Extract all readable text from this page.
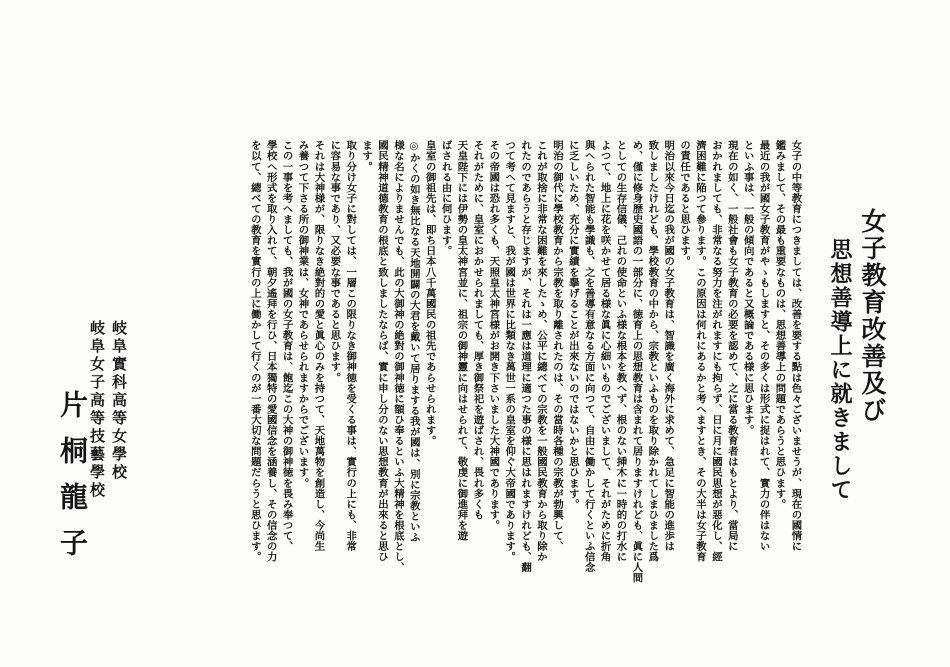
女子教育改善及び
思想善導上に就きまして
女子の中等教育につきましては、改善を要する點は色々ございませうが、現在の國情に
鑑みまして、その最も重要なものは、思想善導上の問題であらうと思ひます。
最近の我が國女子教育がやゝもしますと、その多くは形式に捉はれて、實力の伴はない
といふ事は、一般の傾向であると又概論である様に思ひます。
現在の如く、一般社會も女子教育の必要を認めて、之に當る教育者はもとより、當局に
おかれましても、非常なる努力を注がれますにも拘らず、日に月に國民思想が惡化し、經
濟困難に陥つて參ります。この原因は何れにあるかと考へますとき、その大半は女子教育
の責任であると思ひます。
明治以來今日迄の我が國の女子教育は、智識を廣く海外に求めて、急足に智能の進歩は
致しましたけれども、學校教育の中から、宗教といふものを取り除かれてしまひました爲
め、僅に修身歴史國語の一部分に、徳育上の思想教育は含まれて居りますけれども、眞に人間
としての生存信儀、己れの使命といふ様な根本を教へず、根のない挿木に一時的の打水に
よつて、地上に花を咲かせて居る様な眞に心細いものでございまして、それがために折角
與へられた智能も學識も、之を善導有意なる方面に向つて、自由に働かして行くといふ信念
に乏しいため、充分に實績を擧げることが出來ないのではないかと思ひます。
明治の御代に學校教育から宗教を取り離されたのは、その當時各種の宗教が勃興して、
これが取捨に非常な困難を來したゝめ、公平に總べての宗教を一般國民教育から取り除か
れたのであらうと存じますが、それは一應は道理に適つた事の様に思はれますけれども、翻
つて考へて見ますと、我が國は世界に比類なき萬世一系の皇室を仰ぐ大帝國であります。
その帝國は恐れ多くも、天照皇太神宮様がお開き下さいました大神國であります。
それがために、皇室におかせられましても、厚き御祭祀を遊ばされ、畏れ多くも
天皇陛下には伊勢の皇太神宮並に、祖宗の御神靈に向はせられて、敬虔に御進拜を遊
ばされる由に伺ひます。
皇室の御祖先は、即ち日本八千萬國民の祖先であらせられます。
◎かくの如き無比なる天地開闢の大君を戴いて居りまする我が國は、別に宗教といふ
様な名によりませんでも、此の大御神の絶對の御神徳に額ひ奉るといふ大精神を根底とし、
國民精神道德教育の根底と致しましたならば、實に申し分のない思想教育が出來ると思ひ
ます。
取り分け女子に對しては、一層この限りなき御神徳を受くる事は、實行の上にも、非常
に容易な事であり、又必要な事であると思ひます。
それは大神様が、限りなき絶對的の愛と眞心のみを持つて、天地萬物を創造し、今尚生
み養つて下さる所の御神業は、女神であらせられますからでございます。
この一事を考へましても、我が國の女子教育は、飽迄この大神の御神徳を畏み奉つて、
學校へ形式を取り入れて、朝夕遙拜を行ひ、日本獨特の愛國信念を涵養し、その信念の力
を以て、總べての教育を實行の上に働かして行くのが一番大切な問題だらうと思ひます。
岐阜實科高等女學校
岐阜女子高等技藝學校
片桐龍子
